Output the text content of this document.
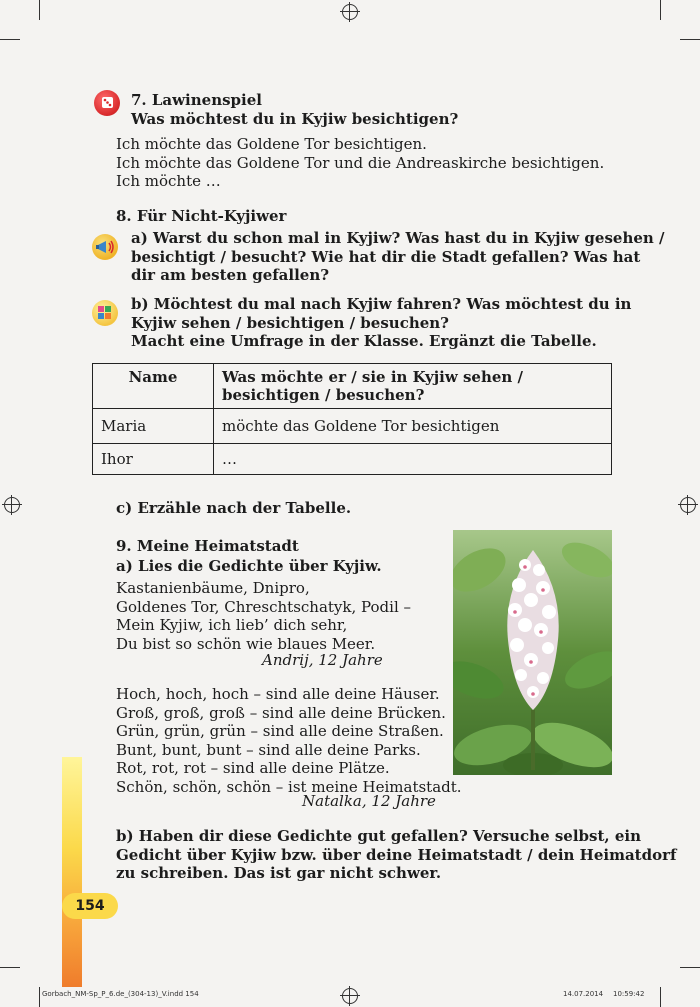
7. Lawinenspiel
Was möchtest du in Kyjiw besichtigen?
Ich möchte das Goldene Tor besichtigen.
Ich möchte das Goldene Tor und die Andreaskirche besichtigen.
Ich möchte …
8. Für Nicht-Kyjiwer
a) Warst du schon mal in Kyjiw? Was hast du in Kyjiw gesehen /
besichtigt / besucht? Wie hat dir die Stadt gefallen? Was hat
dir am besten gefallen?
b) Möchtest du mal nach Kyjiw fahren? Was möchtest du in
Kyjiw sehen / besichtigen / besuchen?
Macht eine Umfrage in der Klasse. Ergänzt die Tabelle.
Name	Was möchte er / sie in Kyjiw sehen / besichtigen / besuchen?
Maria	möchte das Goldene Tor besichtigen
Ihor	…
c) Erzähle nach der Tabelle.
9. Meine Heimatstadt
a) Lies die Gedichte über Kyjiw.
Kastanienbäume, Dnipro,
Goldenes Tor, Chreschtschatyk, Podil –
Mein Kyjiw, ich lieb’ dich sehr,
Du bist so schön wie blaues Meer.
Andrij, 12 Jahre
Hoch, hoch, hoch – sind alle deine Häuser.
Groß, groß, groß – sind alle deine Brücken.
Grün, grün, grün – sind alle deine Straßen.
Bunt, bunt, bunt – sind alle deine Parks.
Rot, rot, rot – sind alle deine Plätze.
Schön, schön, schön – ist meine Heimatstadt.
Natalka, 12 Jahre
b) Haben dir diese Gedichte gut gefallen? Versuche selbst, ein
Gedicht über Kyjiw bzw. über deine Heimatstadt / dein Heimatdorf
zu schreiben. Das ist gar nicht schwer.
154
Gorbach_NM-Sp_P_6.de_(304-13)_V.indd 154	14.07.2014 10:59:42
